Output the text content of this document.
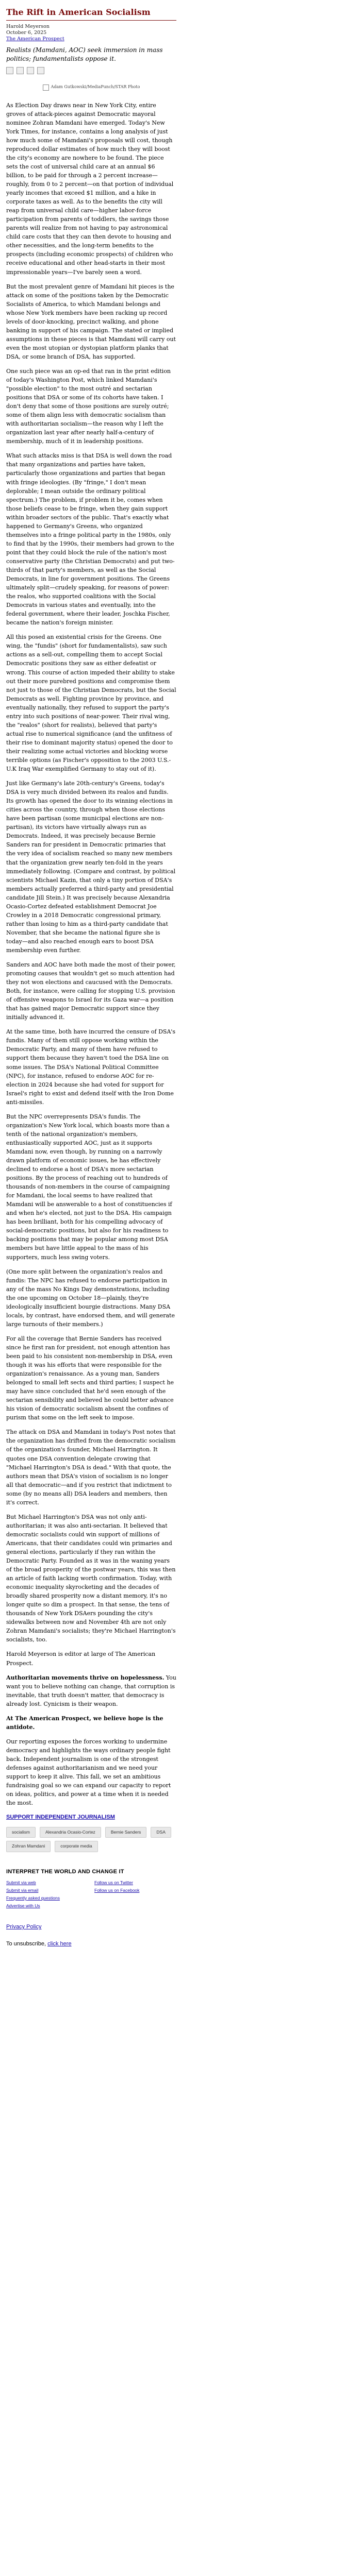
The Rift in American Socialism
Harold Meyerson
October 6, 2025
The American Prospect
Realists (Mamdani, AOC) seek immersion in mass politics; fundamentalists oppose it.
Adam Gutkowski/MediaPunch/STAR Photo

As Election Day draws near in New York City, entire groves of attack-pieces against Democratic mayoral nominee Zohran Mamdani have emerged. Today's New York Times, for instance, contains a long analysis of just how much some of Mamdani's proposals will cost, though reproduced dollar estimates of how much they will boost the city's economy are nowhere to be found. The piece sets the cost of universal child care at an annual $6 billion, to be paid for through a 2 percent increase—roughly, from 0 to 2 percent—on that portion of individual yearly incomes that exceed $1 million, and a hike in corporate taxes as well. As to the benefits the city will reap from universal child care—higher labor-force participation from parents of toddlers, the savings those parents will realize from not having to pay astronomical child care costs that they can then devote to housing and other necessities, and the long-term benefits to the prospects (including economic prospects) of children who receive educational and other head-starts in their most impressionable years—I've barely seen a word.

But the most prevalent genre of Mamdani hit pieces is the attack on some of the positions taken by the Democratic Socialists of America, to which Mamdani belongs and whose New York members have been racking up record levels of door-knocking, precinct walking, and phone banking in support of his campaign. The stated or implied assumptions in these pieces is that Mamdani will carry out even the most utopian or dystopian platform planks that DSA, or some branch of DSA, has supported.

One such piece was an op-ed that ran in the print edition of today's Washington Post, which linked Mamdani's "possible election" to the most outré and sectarian positions that DSA or some of its cohorts have taken. I don't deny that some of those positions are surely outré; some of them align less with democratic socialism than with authoritarian socialism—the reason why I left the organization last year after nearly half-a-century of membership, much of it in leadership positions.

What such attacks miss is that DSA is well down the road that many organizations and parties have taken, particularly those organizations and parties that began with fringe ideologies. (By "fringe," I don't mean deplorable; I mean outside the ordinary political spectrum.) The problem, if problem it be, comes when those beliefs cease to be fringe, when they gain support within broader sectors of the public. That's exactly what happened to Germany's Greens, who organized themselves into a fringe political party in the 1980s, only to find that by the 1990s, their members had grown to the point that they could block the rule of the nation's most conservative party (the Christian Democrats) and put two-thirds of that party's members, as well as the Social Democrats, in line for government positions. The Greens ultimately split—crudely speaking, for reasons of power: the realos, who supported coalitions with the Social Democrats in various states and eventually, into the federal government, where their leader, Joschka Fischer, became the nation's foreign minister.

All this posed an existential crisis for the Greens. One wing, the "fundis" (short for fundamentalists), saw such actions as a sell-out, compelling them to accept Social Democratic positions they saw as either defeatist or wrong. This course of action impeded their ability to stake out their more purebred positions and compromise them not just to those of the Christian Democrats, but the Social Democrats as well. Fighting province by province, and eventually nationally, they refused to support the party's entry into such positions of near-power. Their rival wing, the "realos" (short for realists), believed that party's actual rise to numerical significance (and the unfitness of their rise to dominant majority status) opened the door to their realizing some actual victories and blocking worse terrible options (as Fischer's opposition to the 2003 U.S.-U.K Iraq War exemplified Germany to stay out of it).

Just like Germany's late 20th-century's Greens, today's DSA is very much divided between its realos and fundis. Its growth has opened the door to its winning elections in cities across the country, through when those elections have been partisan (some municipal elections are non-partisan), its victors have virtually always run as Democrats. Indeed, it was precisely because Bernie Sanders ran for president in Democratic primaries that the very idea of socialism reached so many new members that the organization grew nearly ten-fold in the years immediately following. (Compare and contrast, by political scientists Michael Kazin, that only a tiny portion of DSA's members actually preferred a third-party and presidential candidate Jill Stein.) It was precisely because Alexandria Ocasio-Cortez defeated establishment Democrat Joe Crowley in a 2018 Democratic congressional primary, rather than losing to him as a third-party candidate that November, that she became the national figure she is today—and also reached enough ears to boost DSA membership even further.

Sanders and AOC have both made the most of their power, promoting causes that wouldn't get so much attention had they not won elections and caucused with the Democrats. Both, for instance, were calling for stopping U.S. provision of offensive weapons to Israel for its Gaza war—a position that has gained major Democratic support since they initially advanced it.

At the same time, both have incurred the censure of DSA's fundis. Many of them still oppose working within the Democratic Party, and many of them have refused to support them because they haven't toed the DSA line on some issues. The DSA's National Political Committee (NPC), for instance, refused to endorse AOC for re-election in 2024 because she had voted for support for Israel's right to exist and defend itself with the Iron Dome anti-missiles.

But the NPC overrepresents DSA's fundis. The organization's New York local, which boasts more than a tenth of the national organization's members, enthusiastically supported AOC, just as it supports Mamdani now, even though, by running on a narrowly drawn platform of economic issues, he has effectively declined to endorse a host of DSA's more sectarian positions. By the process of reaching out to hundreds of thousands of non-members in the course of campaigning for Mamdani, the local seems to have realized that Mamdani will be answerable to a host of constituencies if and when he's elected, not just to the DSA. His campaign has been brilliant, both for his compelling advocacy of social-democratic positions, but also for his readiness to backing positions that may be popular among most DSA members but have little appeal to the mass of his supporters, much less swing voters.

(One more split between the organization's realos and fundis: The NPC has refused to endorse participation in any of the mass No Kings Day demonstrations, including the one upcoming on October 18—plainly, they're ideologically insufficient bourgie distractions. Many DSA locals, by contrast, have endorsed them, and will generate large turnouts of their members.)

For all the coverage that Bernie Sanders has received since he first ran for president, not enough attention has been paid to his consistent non-membership in DSA, even though it was his efforts that were responsible for the organization's renaissance. As a young man, Sanders belonged to small left sects and third parties; I suspect he may have since concluded that he'd seen enough of the sectarian sensibility and believed he could better advance his vision of democratic socialism absent the confines of purism that some on the left seek to impose.

The attack on DSA and Mamdani in today's Post notes that the organization has drifted from the democratic socialism of the organization's founder, Michael Harrington. It quotes one DSA convention delegate crowing that "Michael Harrington's DSA is dead." With that quote, the authors mean that DSA's vision of socialism is no longer all that democratic—and if you restrict that indictment to some (by no means all) DSA leaders and members, then it's correct.

But Michael Harrington's DSA was not only anti-authoritarian; it was also anti-sectarian. It believed that democratic socialists could win support of millions of Americans, that their candidates could win primaries and general elections, particularly if they ran within the Democratic Party. Founded as it was in the waning years of the broad prosperity of the postwar years, this was then an article of faith lacking worth confirmation. Today, with economic inequality skyrocketing and the decades of broadly shared prosperity now a distant memory, it's no longer quite so dim a prospect. In that sense, the tens of thousands of New York DSAers pounding the city's sidewalks between now and November 4th are not only Zohran Mamdani's socialists; they're Michael Harrington's socialists, too.

Harold Meyerson is editor at large of The American Prospect.

Authoritarian movements thrive on hopelessness. You want you to believe nothing can change, that corruption is inevitable, that truth doesn't matter, that democracy is already lost. Cynicism is their weapon.

At The American Prospect, we believe hope is the antidote.

Our reporting exposes the forces working to undermine democracy and highlights the ways ordinary people fight back. Independent journalism is one of the strongest defenses against authoritarianism and we need your support to keep it alive. This fall, we set an ambitious fundraising goal so we can expand our capacity to report on ideas, politics, and power at a time when it is needed the most.

SUPPORT INDEPENDENT JOURNALISM
socialism	Alexandria Ocasio-Cortez	Bernie Sanders	DSA
Zohran Mamdani	corporate media
INTERPRET THE WORLD AND CHANGE IT
Submit via web	Follow us on Twitter
Submit via email	Follow us on Facebook
Frequently asked questions
Advertise with Us

Privacy Policy

To unsubscribe, click here
